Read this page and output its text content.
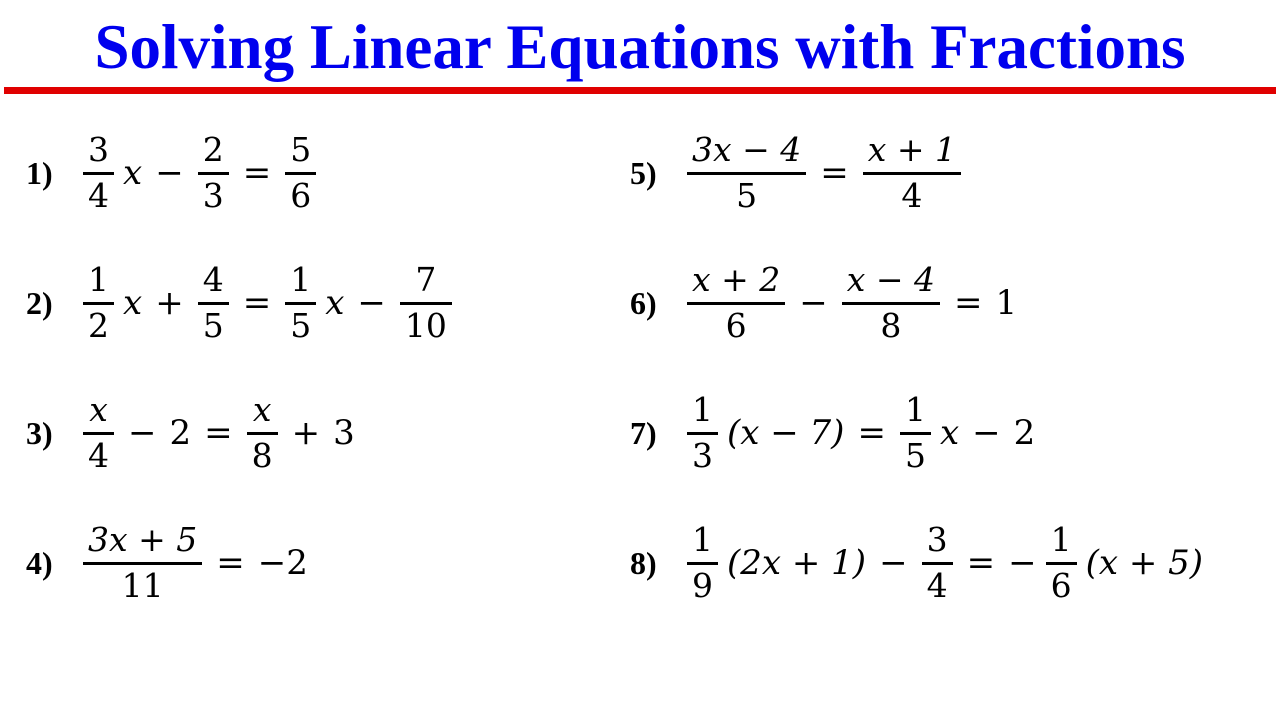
Solving Linear Equations with Fractions
$1) \frac{3}{4}$ $x - \frac{2}{3} = \frac{5}{6}$
$2) \frac{1}{2}$ $x + \frac{4}{5} = \frac{1}{5}$ $x - \frac{7}{10}$
$3) \frac{x}{4} - 2 = \frac{x}{8} + 3$
$4) \frac{3x + 5}{11} = -2$
$5) \frac{3x - 4}{5} = \frac{x + 1}{4}$
$6) \frac{x + 2}{6} - \frac{x - 4}{8} = 1$
$7) \frac{1}{3} (x - 7) = \frac{1}{5}$ x − 2
$8) \frac{1}{9} (2x + 1) - \frac{3}{4}$ = − $\frac{1}{6} (x + 5)$
